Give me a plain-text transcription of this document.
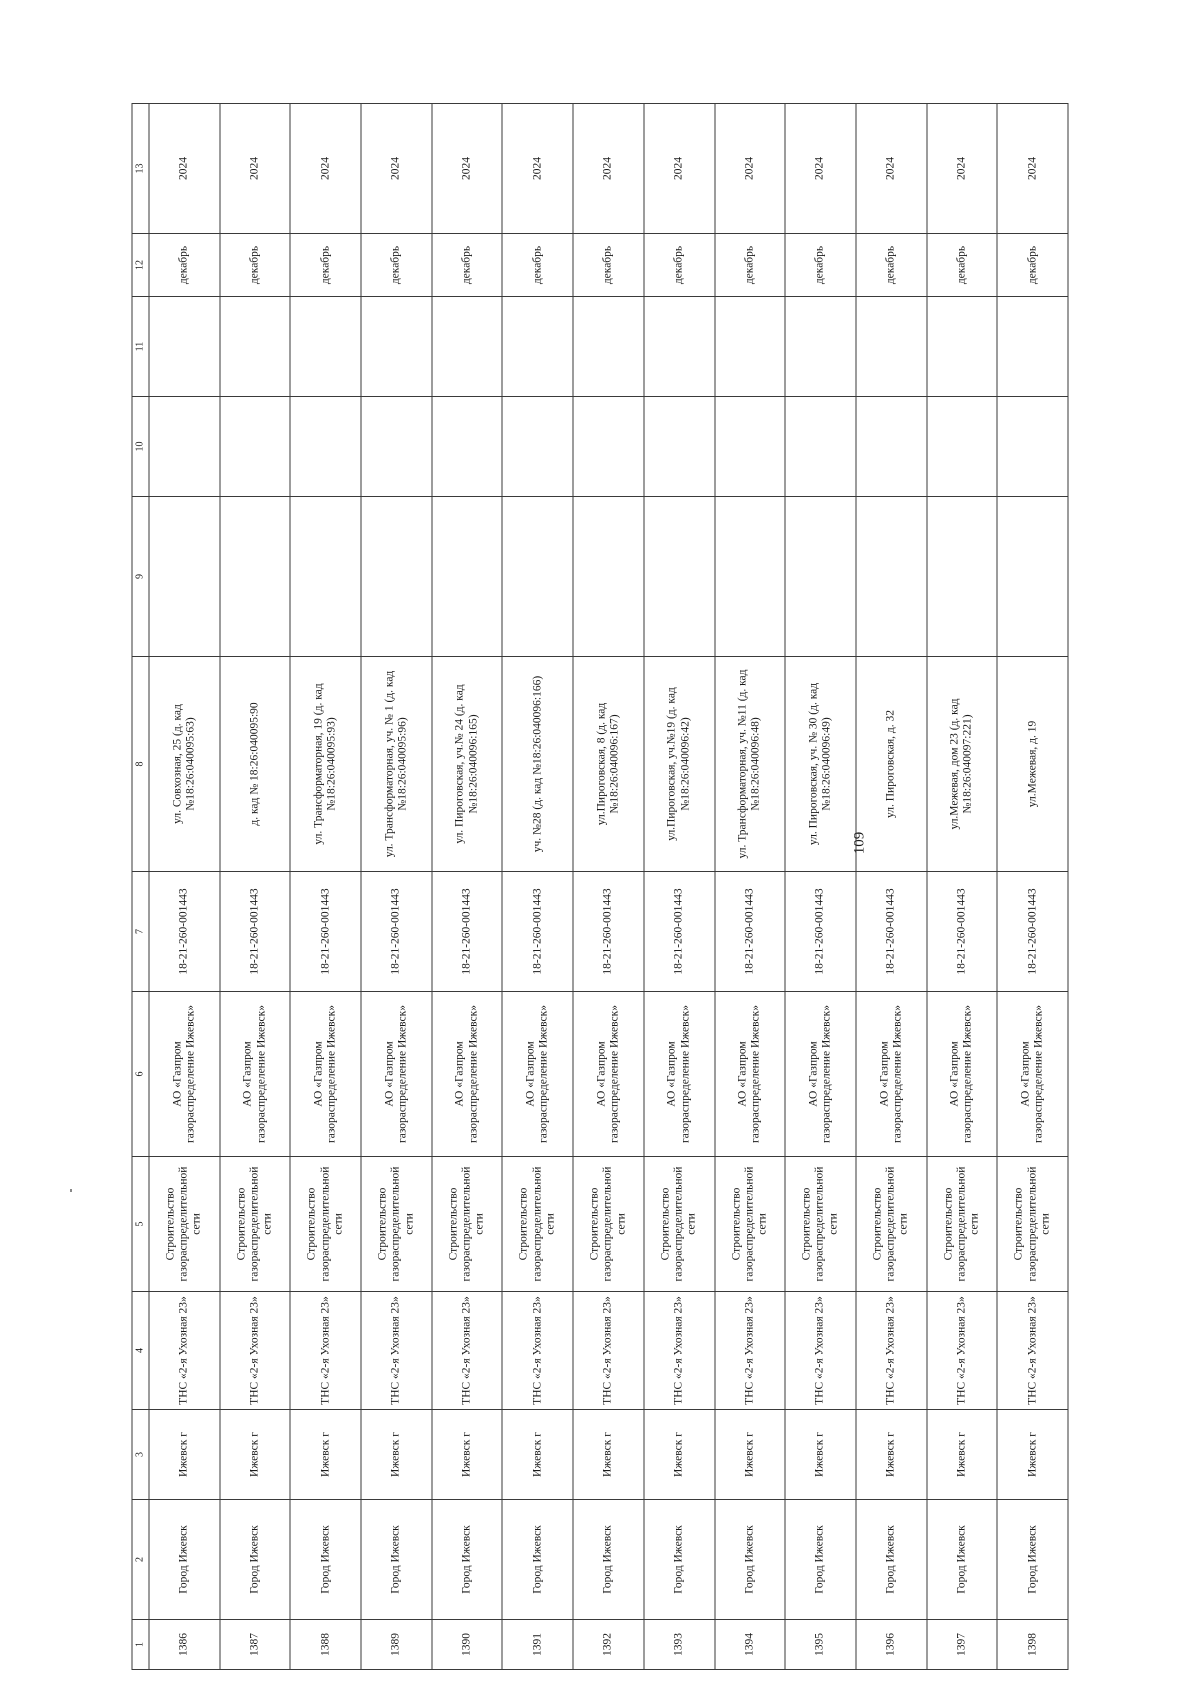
109
1	2	3	4	5	6	7	8	9	10	11	12	13
1386	Город Ижевск	Ижевск г	ТНС «2-я Ухозная 23»	Строительство газораспределительной сети	АО «Газпром газораспределение Ижевск»	18-21-260-001443	ул. Совхозная, 25 (д. кад №18:26:040095:63)				декабрь	2024
1387	Город Ижевск	Ижевск г	ТНС «2-я Ухозная 23»	Строительство газораспределительной сети	АО «Газпром газораспределение Ижевск»	18-21-260-001443	д. кад № 18:26:040095:90				декабрь	2024
1388	Город Ижевск	Ижевск г	ТНС «2-я Ухозная 23»	Строительство газораспределительной сети	АО «Газпром газораспределение Ижевск»	18-21-260-001443	ул. Трансформаторная, 19 (д. кад №18:26:040095:93)				декабрь	2024
1389	Город Ижевск	Ижевск г	ТНС «2-я Ухозная 23»	Строительство газораспределительной сети	АО «Газпром газораспределение Ижевск»	18-21-260-001443	ул. Трансформаторная, уч. № 1 (д. кад №18:26:040095:96)				декабрь	2024
1390	Город Ижевск	Ижевск г	ТНС «2-я Ухозная 23»	Строительство газораспределительной сети	АО «Газпром газораспределение Ижевск»	18-21-260-001443	ул. Пироговская, уч.№ 24 (д. кад №18:26:040096:165)				декабрь	2024
1391	Город Ижевск	Ижевск г	ТНС «2-я Ухозная 23»	Строительство газораспределительной сети	АО «Газпром газораспределение Ижевск»	18-21-260-001443	уч. №28 (д. кад №18:26:040096:166)				декабрь	2024
1392	Город Ижевск	Ижевск г	ТНС «2-я Ухозная 23»	Строительство газораспределительной сети	АО «Газпром газораспределение Ижевск»	18-21-260-001443	ул.Пироговская, 8 (д. кад №18:26:040096:167)				декабрь	2024
1393	Город Ижевск	Ижевск г	ТНС «2-я Ухозная 23»	Строительство газораспределительной сети	АО «Газпром газораспределение Ижевск»	18-21-260-001443	ул.Пироговская, уч.№19 (д. кад №18:26:040096:42)				декабрь	2024
1394	Город Ижевск	Ижевск г	ТНС «2-я Ухозная 23»	Строительство газораспределительной сети	АО «Газпром газораспределение Ижевск»	18-21-260-001443	ул. Трансформаторная, уч. №11 (д. кад №18:26:040096:48)				декабрь	2024
1395	Город Ижевск	Ижевск г	ТНС «2-я Ухозная 23»	Строительство газораспределительной сети	АО «Газпром газораспределение Ижевск»	18-21-260-001443	ул. Пироговская, уч. № 30 (д. кад №18:26:040096:49)				декабрь	2024
1396	Город Ижевск	Ижевск г	ТНС «2-я Ухозная 23»	Строительство газораспределительной сети	АО «Газпром газораспределение Ижевск»	18-21-260-001443	ул. Пироговская, д. 32				декабрь	2024
1397	Город Ижевск	Ижевск г	ТНС «2-я Ухозная 23»	Строительство газораспределительной сети	АО «Газпром газораспределение Ижевск»	18-21-260-001443	ул.Межевая, дом 23 (д. кад №18:26:040097:221)				декабрь	2024
1398	Город Ижевск	Ижевск г	ТНС «2-я Ухозная 23»	Строительство газораспределительной сети	АО «Газпром газораспределение Ижевск»	18-21-260-001443	ул.Межевая, д. 19				декабрь	2024
